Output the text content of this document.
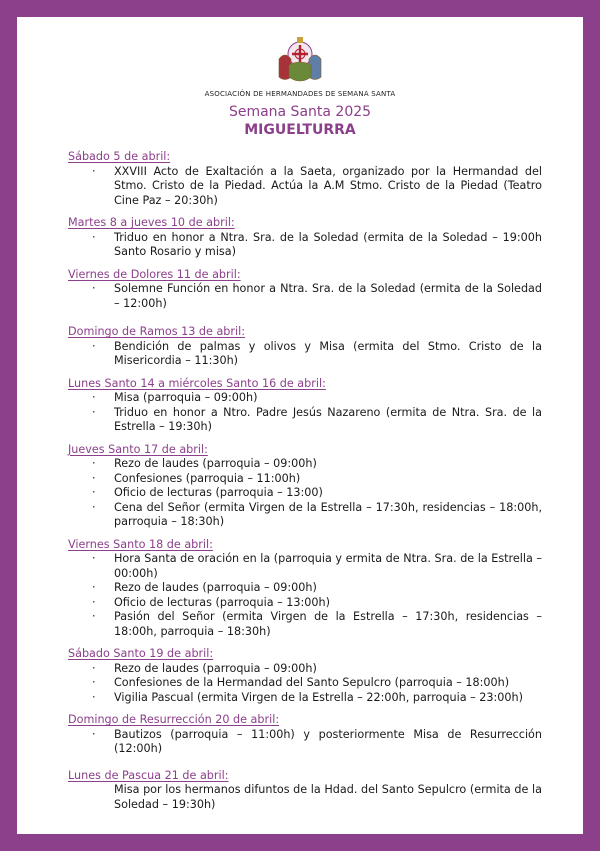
ASOCIACIÓN DE HERMANDADES DE SEMANA SANTA
Semana Santa 2025
MIGUELTURRA
Sábado 5 de abril:
· XXVIII Acto de Exaltación a la Saeta, organizado por la Hermandad del Stmo. Cristo de la Piedad. Actúa la A.M Stmo. Cristo de la Piedad (Teatro Cine Paz – 20:30h)
Martes 8 a jueves 10 de abril:
· Triduo en honor a Ntra. Sra. de la Soledad (ermita de la Soledad – 19:00h Santo Rosario y misa)
Viernes de Dolores 11 de abril:
· Solemne Función en honor a Ntra. Sra. de la Soledad (ermita de la Soledad – 12:00h)
Domingo de Ramos 13 de abril:
· Bendición de palmas y olivos y Misa (ermita del Stmo. Cristo de la Misericordia – 11:30h)
Lunes Santo 14 a miércoles Santo 16 de abril:
· Misa (parroquia – 09:00h)
· Triduo en honor a Ntro. Padre Jesús Nazareno (ermita de Ntra. Sra. de la Estrella – 19:30h)
Jueves Santo 17 de abril:
· Rezo de laudes (parroquia – 09:00h)
· Confesiones (parroquia – 11:00h)
· Oficio de lecturas (parroquia – 13:00)
· Cena del Señor (ermita Virgen de la Estrella – 17:30h, residencias – 18:00h, parroquia – 18:30h)
Viernes Santo 18 de abril:
· Hora Santa de oración en la (parroquia y ermita de Ntra. Sra. de la Estrella – 00:00h)
· Rezo de laudes (parroquia – 09:00h)
· Oficio de lecturas (parroquia – 13:00h)
· Pasión del Señor (ermita Virgen de la Estrella – 17:30h, residencias – 18:00h, parroquia – 18:30h)
Sábado Santo 19 de abril:
· Rezo de laudes (parroquia – 09:00h)
· Confesiones de la Hermandad del Santo Sepulcro (parroquia – 18:00h)
· Vigilia Pascual (ermita Virgen de la Estrella – 22:00h, parroquia – 23:00h)
Domingo de Resurrección 20 de abril:
· Bautizos (parroquia – 11:00h) y posteriormente Misa de Resurrección (12:00h)
Lunes de Pascua 21 de abril:
Misa por los hermanos difuntos de la Hdad. del Santo Sepulcro (ermita de la Soledad – 19:30h)
